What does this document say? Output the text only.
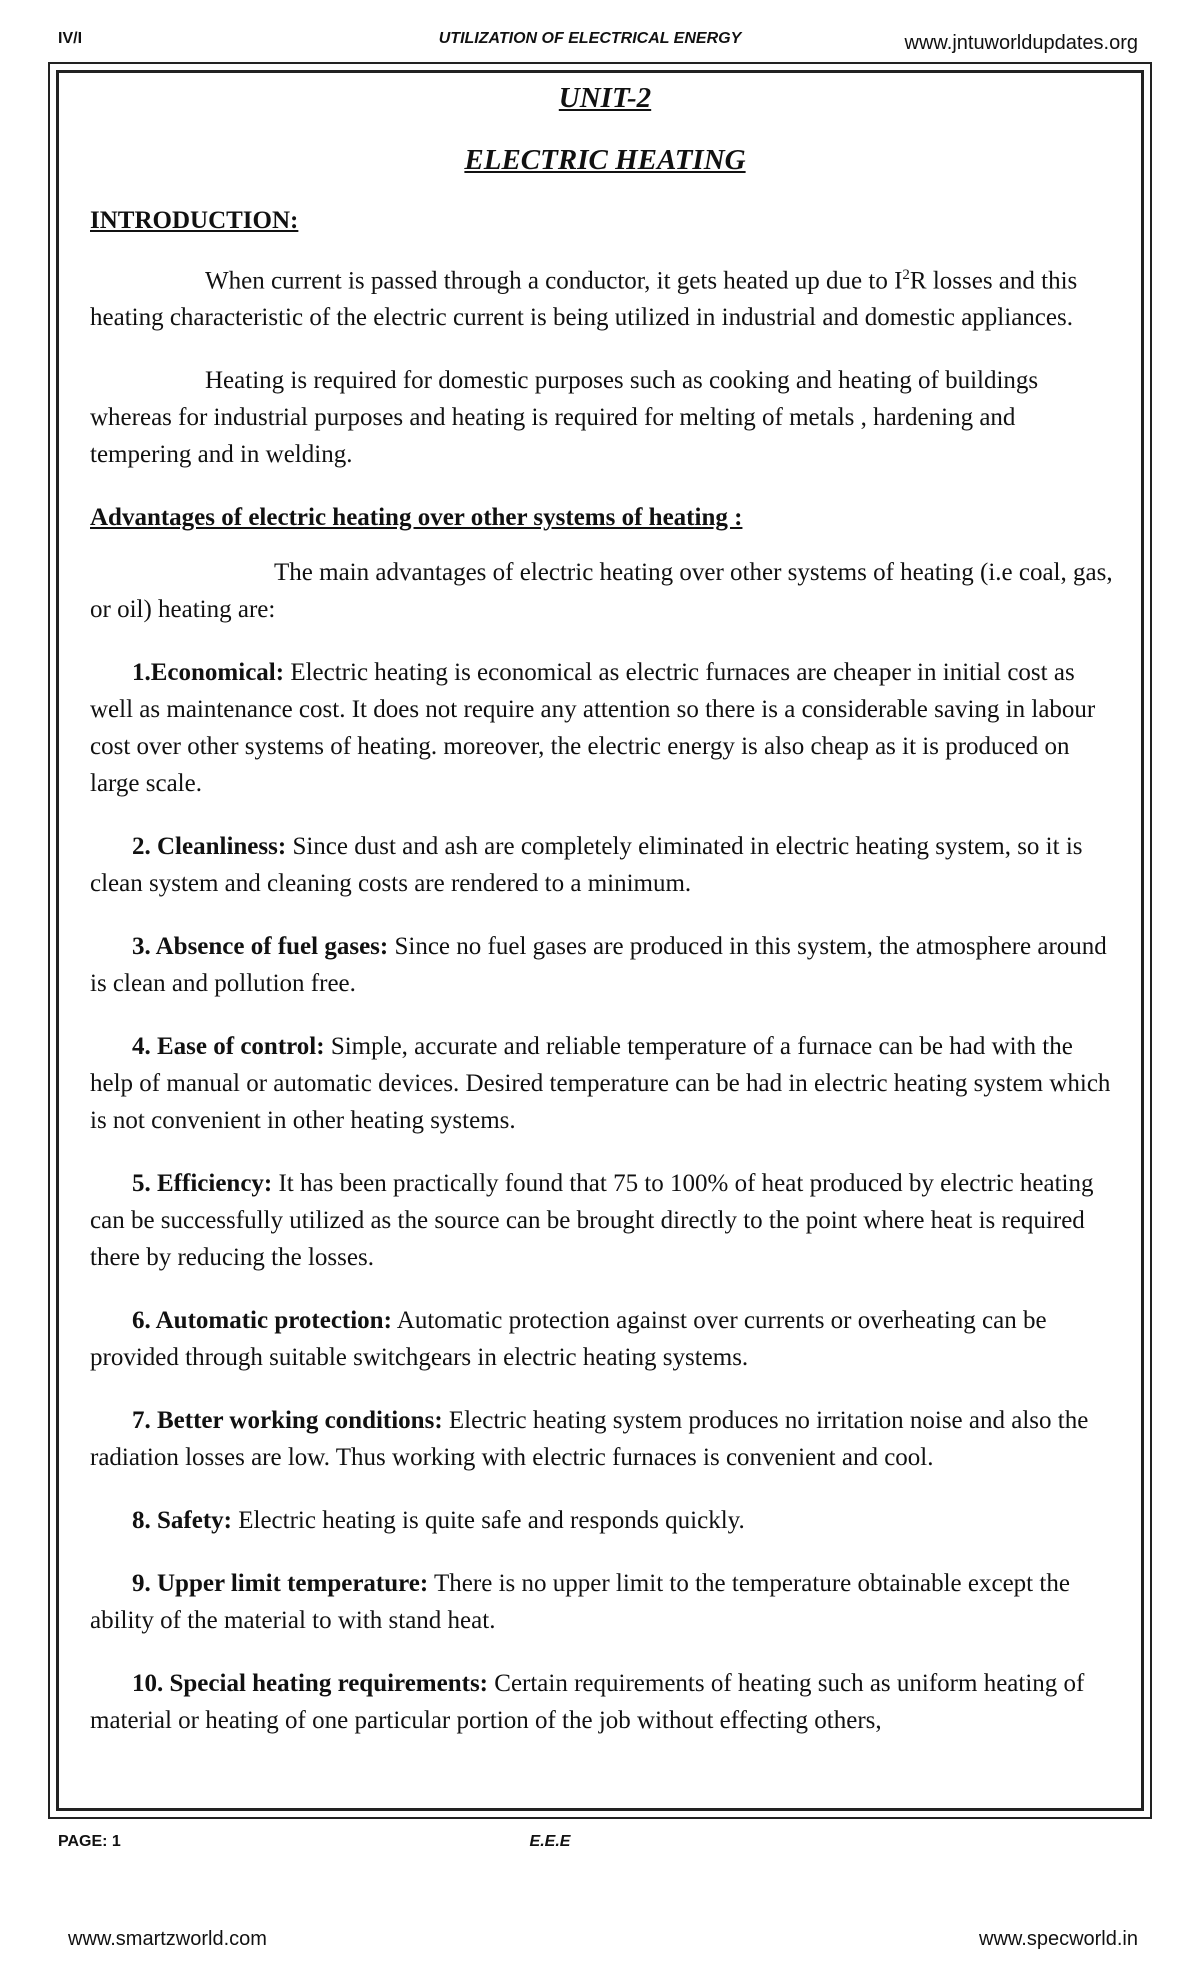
IV/I	UTILIZATION OF ELECTRICAL ENERGY	www.jntuworldupdates.org
UNIT-2
ELECTRIC HEATING
INTRODUCTION:

When current is passed through a conductor, it gets heated up due to $I^2R$ losses and this heating characteristic of the electric current is being utilized in industrial and domestic appliances.

Heating is required for domestic purposes such as cooking and heating of buildings whereas for industrial purposes and heating is required for melting of metals , hardening and tempering and in welding.

Advantages of electric heating over other systems of heating :

The main advantages of electric heating over other systems of heating (i.e coal, gas, or oil) heating are:

1.Economical: Electric heating is economical as electric furnaces are cheaper in initial cost as well as maintenance cost. It does not require any attention so there is a considerable saving in labour cost over other systems of heating. moreover, the electric energy is also cheap as it is produced on large scale.

2. Cleanliness: Since dust and ash are completely eliminated in electric heating system, so it is clean system and cleaning costs are rendered to a minimum.

3. Absence of fuel gases: Since no fuel gases are produced in this system, the atmosphere around is clean and pollution free.

4. Ease of control: Simple, accurate and reliable temperature of a furnace can be had with the help of manual or automatic devices. Desired temperature can be had in electric heating system which is not convenient in other heating systems.

5. Efficiency: It has been practically found that 75 to 100% of heat produced by electric heating can be successfully utilized as the source can be brought directly to the point where heat is required there by reducing the losses.

6. Automatic protection: Automatic protection against over currents or overheating can be provided through suitable switchgears in electric heating systems.

7. Better working conditions: Electric heating system produces no irritation noise and also the radiation losses are low. Thus working with electric furnaces is convenient and cool.

8. Safety: Electric heating is quite safe and responds quickly.

9. Upper limit temperature: There is no upper limit to the temperature obtainable except the ability of the material to with stand heat.

10. Special heating requirements: Certain requirements of heating such as uniform heating of material or heating of one particular portion of the job without effecting others,

PAGE: 1	E.E.E
www.smartzworld.com	www.specworld.in
